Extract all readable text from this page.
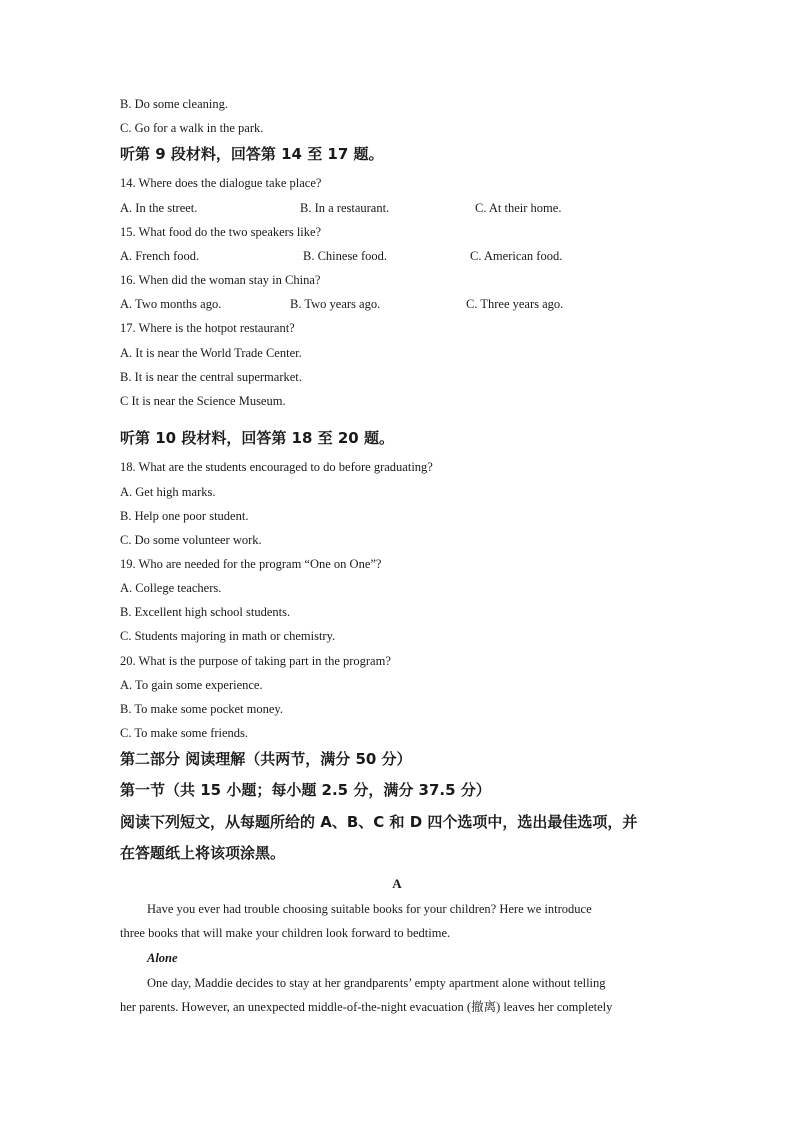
B. Do some cleaning.
C. Go for a walk in the park.
听第 9 段材料，回答第 14 至 17 题。
14. Where does the dialogue take place?
A. In the street.	B. In a restaurant.	C. At their home.
15. What food do the two speakers like?
A. French food.	B. Chinese food.	C. American food.
16. When did the woman stay in China?
A. Two months ago.	B. Two years ago.	C. Three years ago.
17. Where is the hotpot restaurant?
A. It is near the World Trade Center.
B. It is near the central supermarket.
C It is near the Science Museum.
听第 10 段材料，回答第 18 至 20 题。
18. What are the students encouraged to do before graduating?
A. Get high marks.
B. Help one poor student.
C. Do some volunteer work.
19. Who are needed for the program “One on One”?
A. College teachers.
B. Excellent high school students.
C. Students majoring in math or chemistry.
20. What is the purpose of taking part in the program?
A. To gain some experience.
B. To make some pocket money.
C. To make some friends.
第二部分 阅读理解（共两节，满分 50 分）
第一节（共 15 小题；每小题 2.5 分，满分 37.5 分）
阅读下列短文，从每题所给的 A、B、C 和 D 四个选项中，选出最佳选项，并
在答题纸上将该项涂黑。
A
Have you ever had trouble choosing suitable books for your children? Here we introduce
three books that will make your children look forward to bedtime.
Alone
One day, Maddie decides to stay at her grandparents’ empty apartment alone without telling
her parents. However, an unexpected middle-of-the-night evacuation (撤离) leaves her completely
